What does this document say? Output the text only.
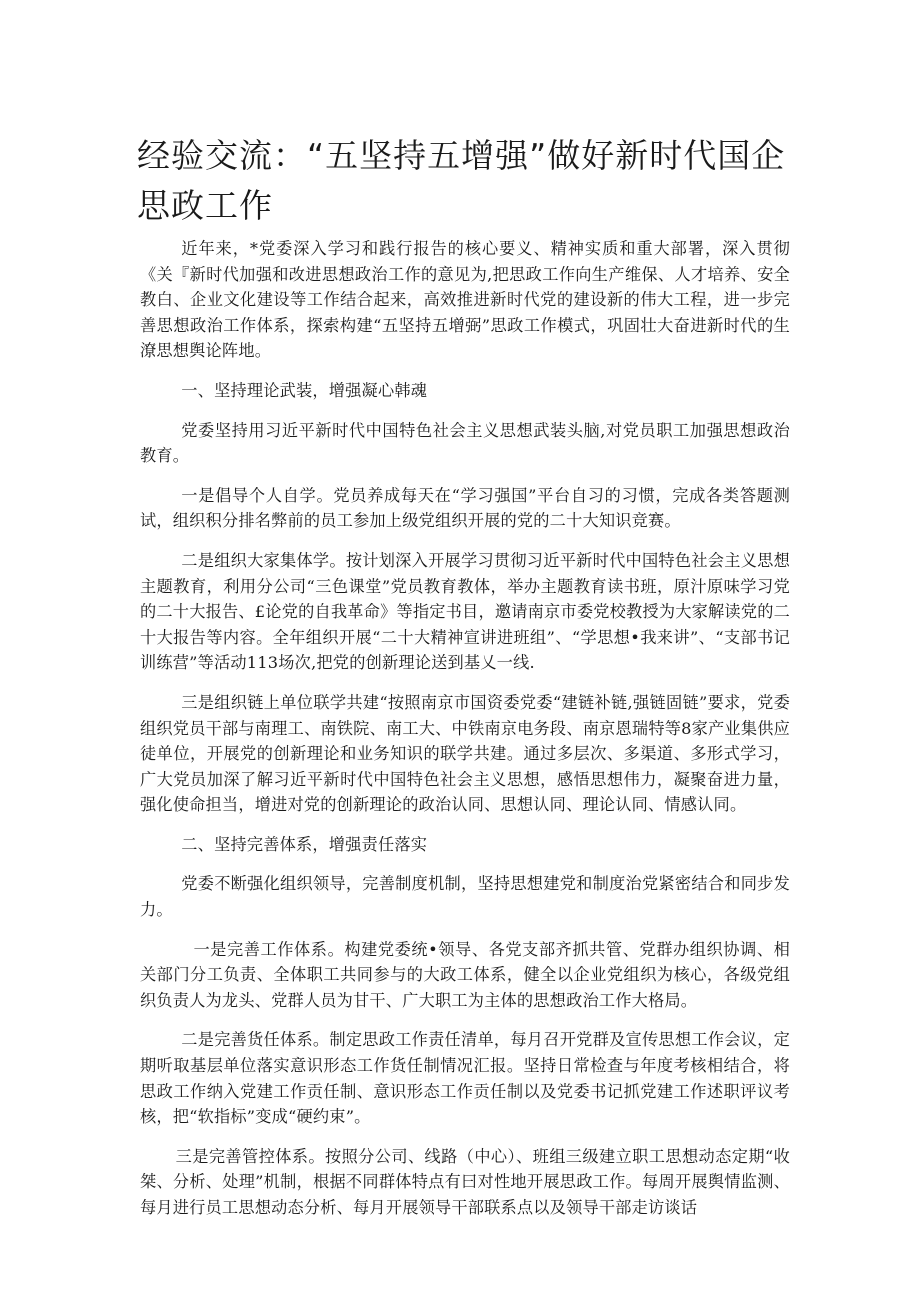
经验交流：“五坚持五增强”做好新时代国企思政工作

近年来，*党委深入学习和践行报告的核心要义、精神实质和重大部署，深入贯彻《关『新时代加强和改进思想政治工作的意见为,把思政工作向生产维保、人才培养、安全教白、企业文化建设等工作结合起来，高效推进新时代党的建设新的伟大工程，进一步完善思想政治工作体系，探索构建“五坚持五增弼”思政工作模式，巩固壮大奋进新时代的生潦思想舆论阵地。

一、坚持理论武装，增强凝心韩魂

党委坚持用习近平新时代中国特色社会主义思想武装头脑,对党员职工加强思想政治教育。

一是倡导个人自学。党员养成每天在“学习强国”平台自习的习惯，完成各类答题测试，组织积分排名弊前的员工参加上级党组织开展的党的二十大知识竞赛。

二是组织大家集体学。按计划深入开展学习贯彻习近平新时代中国特色社会主义思想主题教育，利用分公司“三色课堂”党员教育教体，举办主题教育读书班，原汁原味学习党的二十大报告、£论党的自我革命》等指定书目，邀请南京市委党校教授为大家解读党的二十大报告等内容。全年组织开展“二十大精神宣讲进班组”、“学思想•我来讲”、“支部书记训练营”等活动113场次,把党的创新理论送到基乂一线.

三是组织链上单位联学共建“按照南京市国资委党委“建链补链,强链固链”要求，党委组织党员干部与南理工、南铁院、南工大、中铁南京电务段、南京恩瑞特等8家产业集供应徒单位，开展党的创新理论和业务知识的联学共建。通过多层次、多渠道、多形式学习，广大党员加深了解习近平新时代中国特色社会主义思想，感悟思想伟力，凝聚奋进力量，强化使命担当，增进对党的创新理论的政治认同、思想认同、理论认同、情感认同。

二、坚持完善体系，增强责任落实

党委不断强化组织领导，完善制度机制，坚持思想建党和制度治党紧密结合和同步发力。

一是完善工作体系。构建党委统•领导、各党支部齐抓共管、党群办组织协调、相关部门分工负责、全体职工共同参与的大政工体系，健全以企业党组织为核心，各级党组织负责人为龙头、党群人员为甘干、广大职工为主体的思想政治工作大格局。

二是完善货任体系。制定思政工作责任清单，每月召开党群及宣传思想工作会议，定期听取基层单位落实意识形态工作货任制情况汇报。坚持日常检查与年度考核相结合，将思政工作纳入党建工作贡任制、意识形态工作贡任制以及党委书记抓党建工作述职评议考核，把“软指标”变成“硬约束”。

三是完善管控体系。按照分公司、线路（中心）、班组三级建立职工思想动态定期“收桀、分析、处理”机制，根据不同群体特点有曰对性地开展思政工作。每周开展舆情监测、每月进行员工思想动态分析、每月开展领导干部联系点以及领导干部走访谈话
